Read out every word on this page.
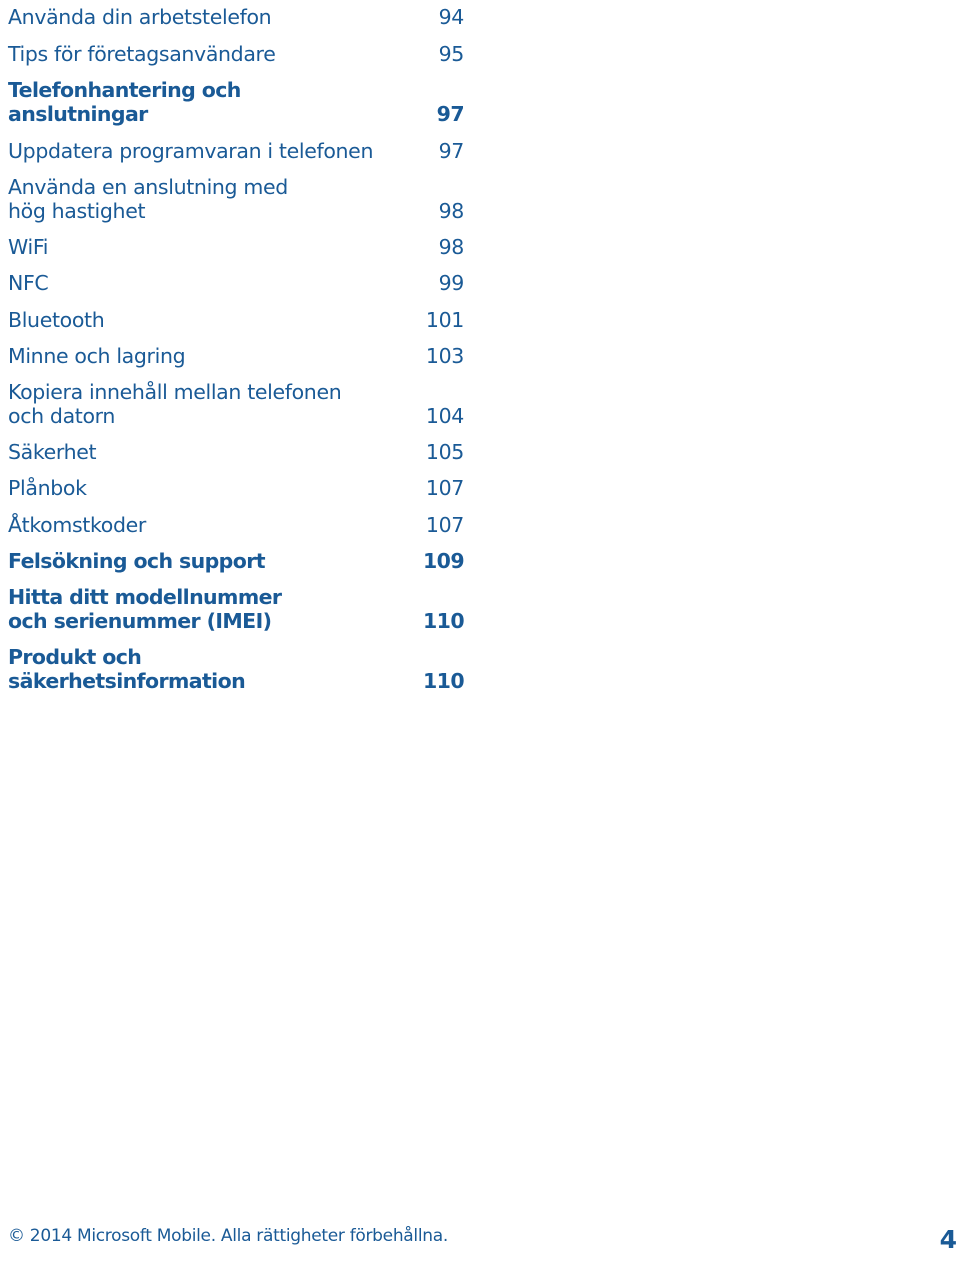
Använda din arbetstelefon	94
Tips för företagsanvändare	95
Telefonhantering och anslutningar	97
Uppdatera programvaran i telefonen	97
Använda en anslutning med hög hastighet	98
WiFi	98
NFC	99
Bluetooth	101
Minne och lagring	103
Kopiera innehåll mellan telefonen och datorn	104
Säkerhet	105
Plånbok	107
Åtkomstkoder	107
Felsökning och support	109
Hitta ditt modellnummer och serienummer (IMEI)	110
Produkt och säkerhetsinformation	110
© 2014 Microsoft Mobile. Alla rättigheter förbehållna.	4
